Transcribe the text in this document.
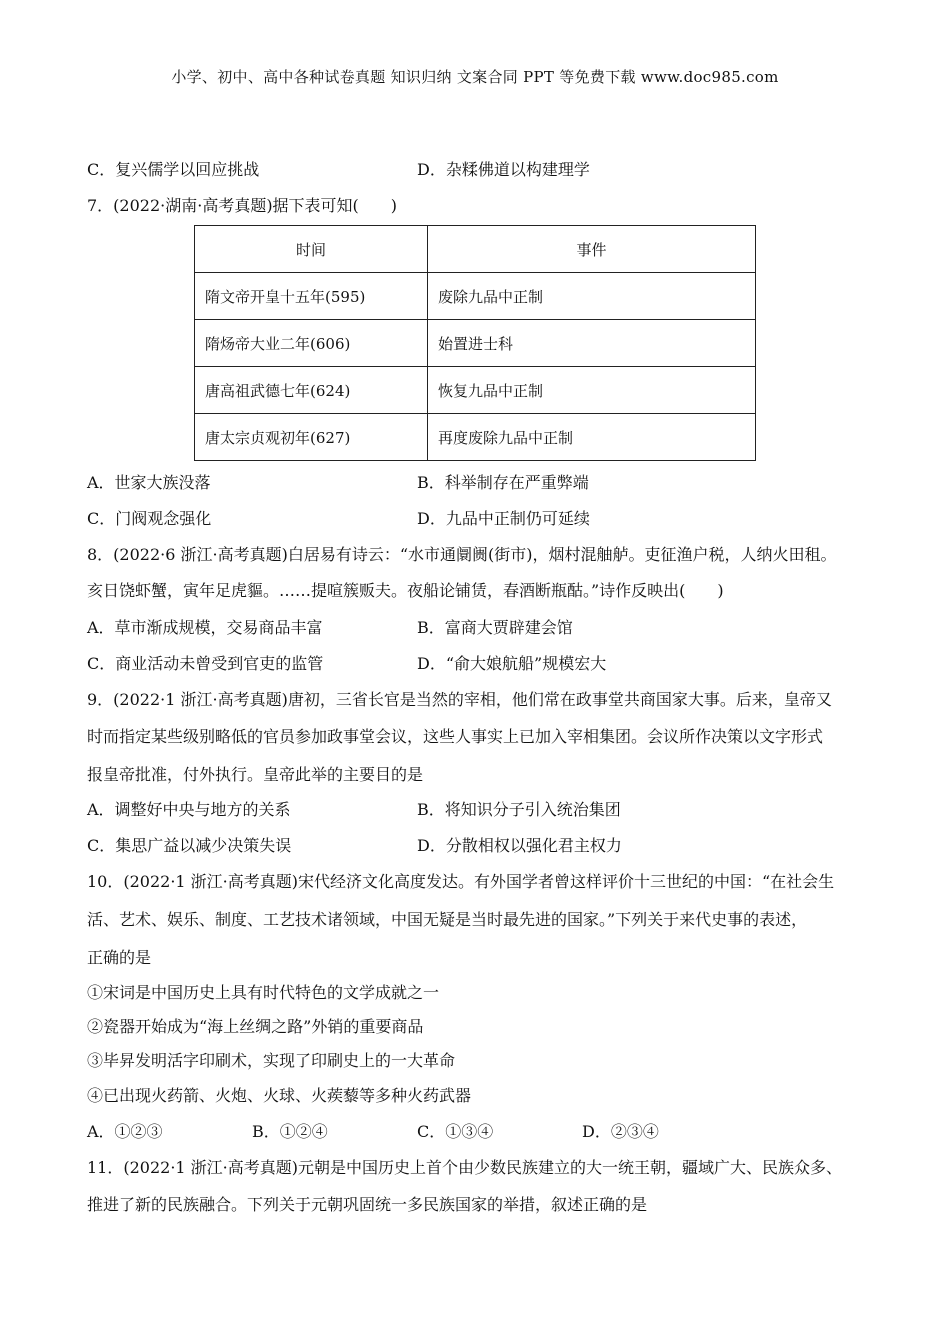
小学、初中、高中各种试卷真题 知识归纳 文案合同 PPT 等免费下载 www.doc985.com
C．复兴儒学以回应挑战	D．杂糅佛道以构建理学
7．(2022·湖南·高考真题)据下表可知(　　)
时间	事件
隋文帝开皇十五年(595)	废除九品中正制
隋炀帝大业二年(606)	始置进士科
唐高祖武德七年(624)	恢复九品中正制
唐太宗贞观初年(627)	再度废除九品中正制
A．世家大族没落	B．科举制存在严重弊端
C．门阀观念强化	D．九品中正制仍可延续
8．(2022·6 浙江·高考真题)白居易有诗云：“水市通阛阓(街市)，烟村混舳舻。吏征渔户税，人纳火田租。
亥日饶虾蟹，寅年足虎貙。……提喧簇贩夫。夜船论铺赁，春酒断瓶酤。”诗作反映出(　　)
A．草市渐成规模，交易商品丰富	B．富商大贾辟建会馆
C．商业活动未曾受到官吏的监管	D．“俞大娘航船”规模宏大
9．(2022·1 浙江·高考真题)唐初，三省长官是当然的宰相，他们常在政事堂共商国家大事。后来，皇帝又
时而指定某些级别略低的官员参加政事堂会议，这些人事实上已加入宰相集团。会议所作决策以文字形式
报皇帝批准，付外执行。皇帝此举的主要目的是
A．调整好中央与地方的关系	B．将知识分子引入统治集团
C．集思广益以减少决策失误	D．分散相权以强化君主权力
10．(2022·1 浙江·高考真题)宋代经济文化高度发达。有外国学者曾这样评价十三世纪的中国：“在社会生
活、艺术、娱乐、制度、工艺技术诸领域，中国无疑是当时最先进的国家。”下列关于来代史事的表述，
正确的是
①宋词是中国历史上具有时代特色的文学成就之一
②瓷器开始成为“海上丝绸之路”外销的重要商品
③毕昇发明活字印刷术，实现了印刷史上的一大革命
④已出现火药箭、火炮、火球、火蒺藜等多种火药武器
A．①②③	B．①②④	C．①③④	D．②③④
11．(2022·1 浙江·高考真题)元朝是中国历史上首个由少数民族建立的大一统王朝，疆域广大、民族众多、
推进了新的民族融合。下列关于元朝巩固统一多民族国家的举措，叙述正确的是
